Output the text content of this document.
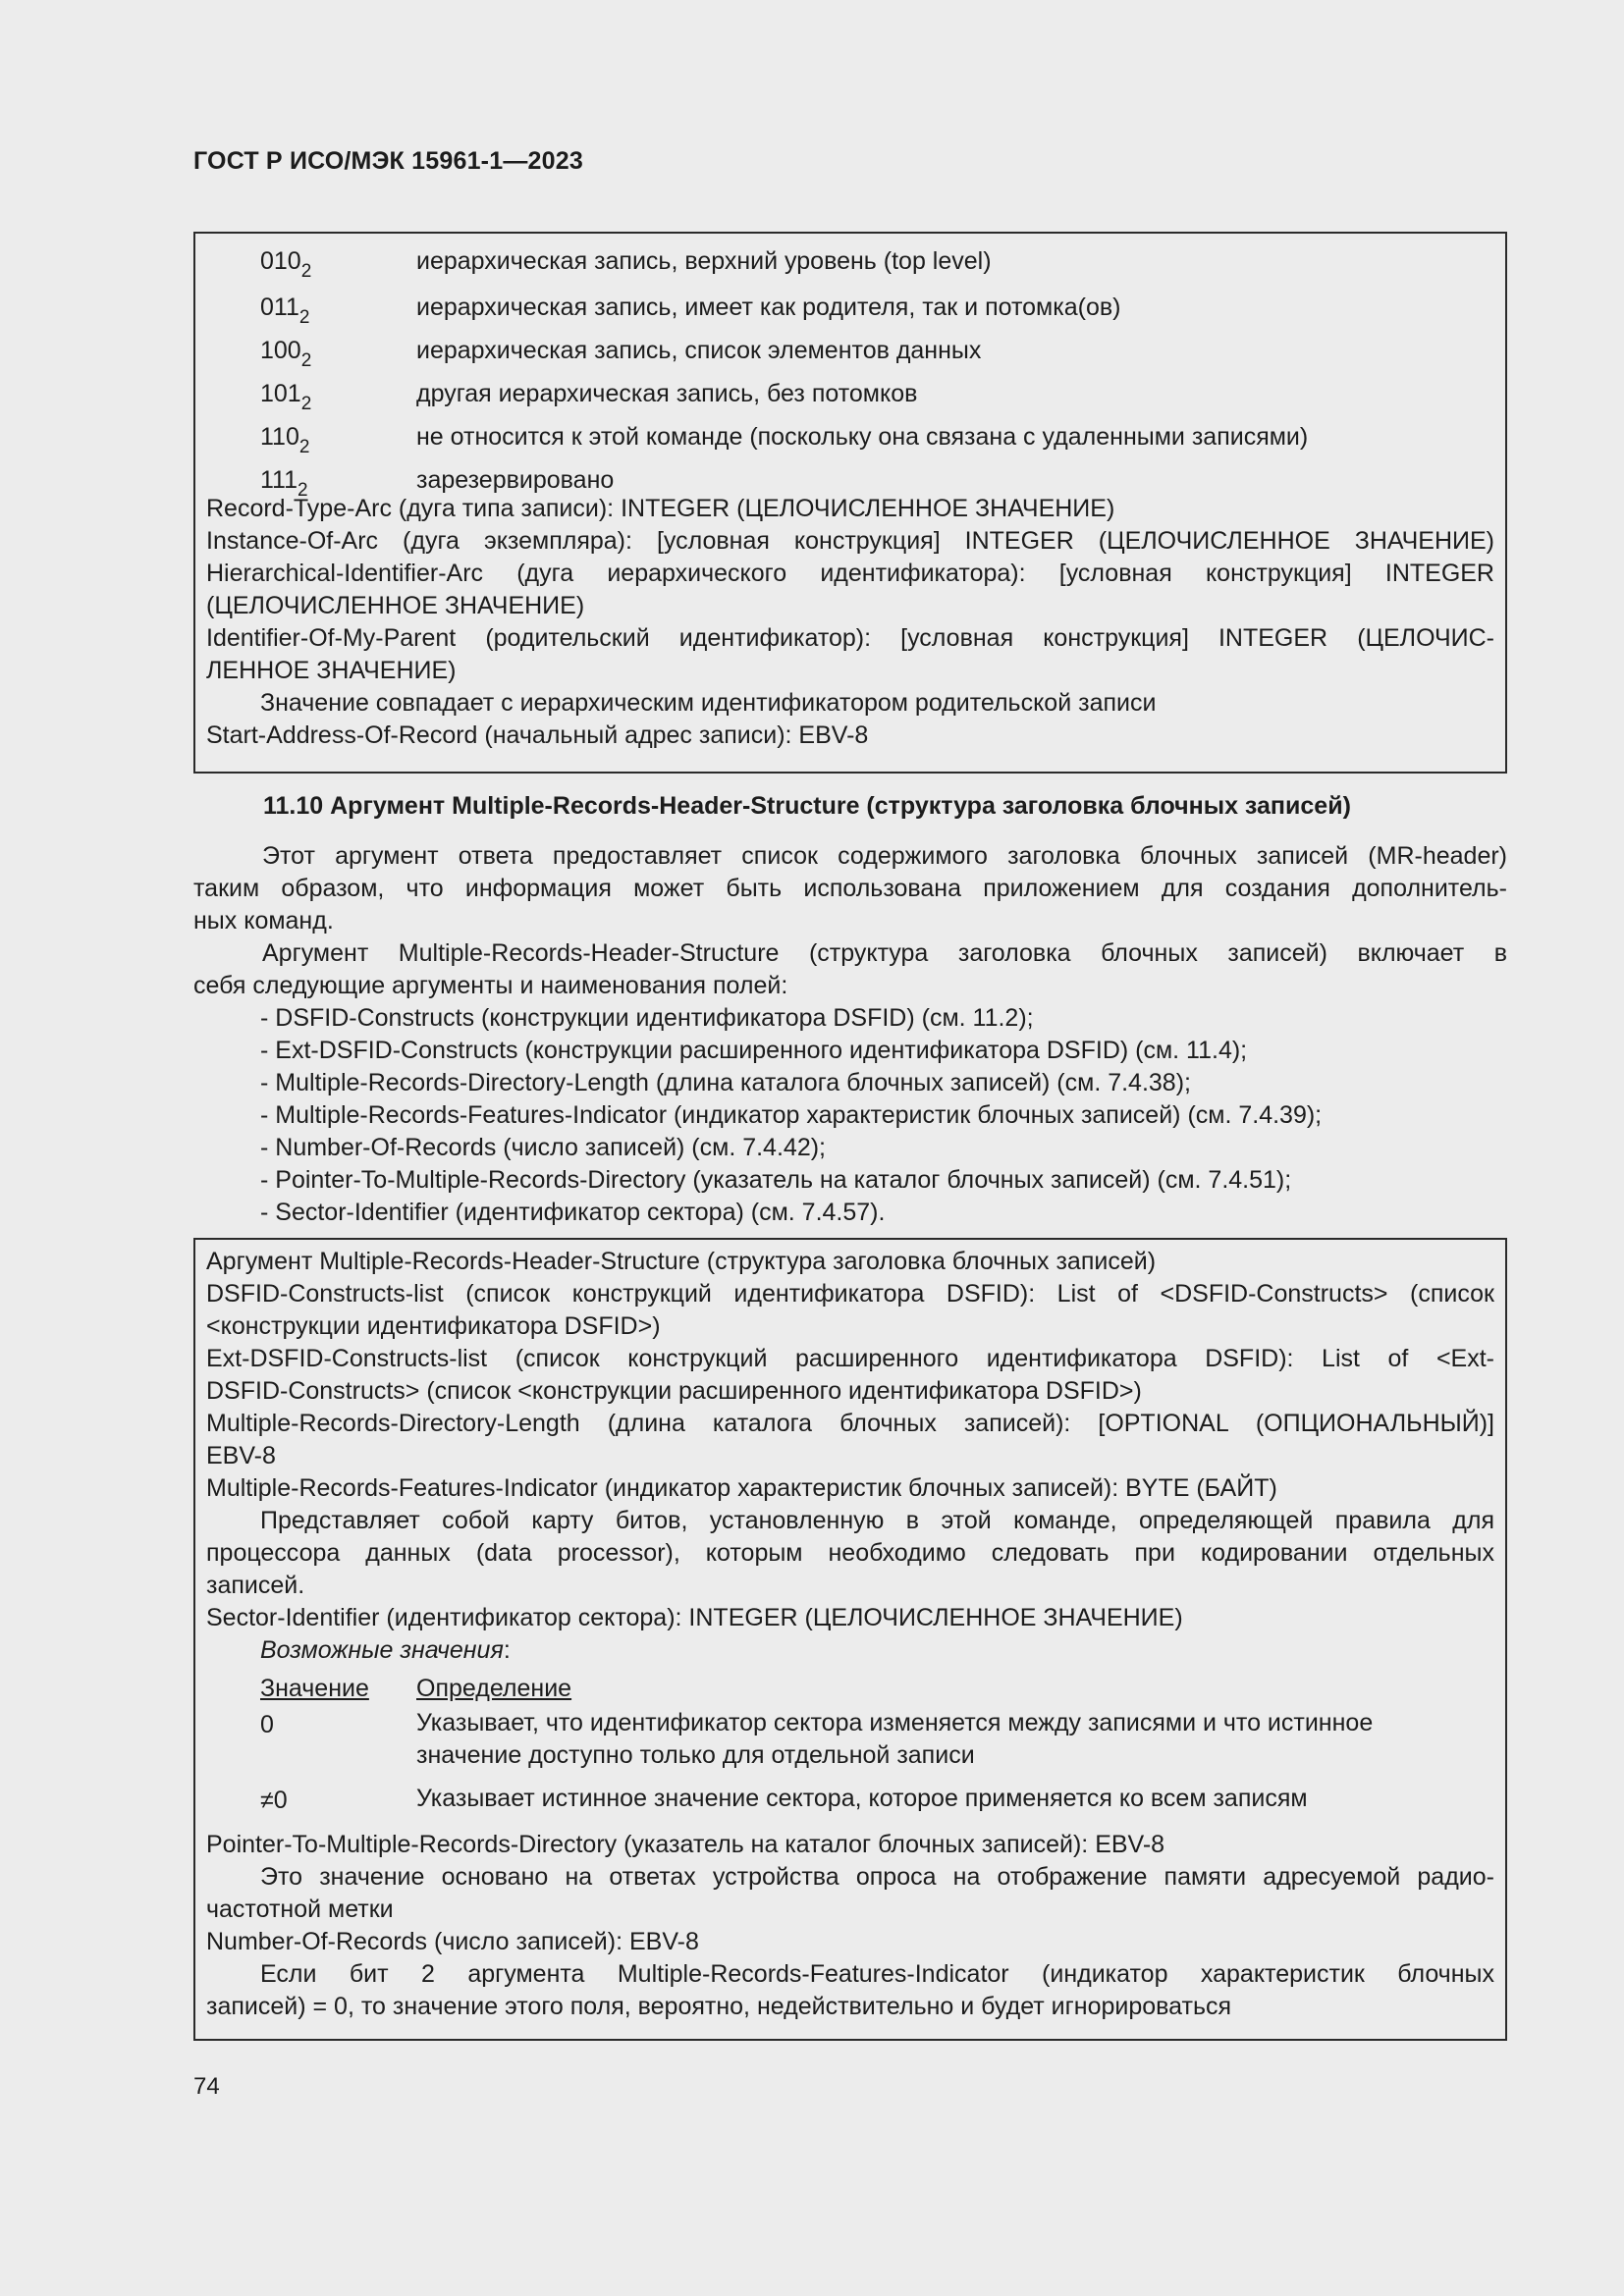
ГОСТ Р ИСО/МЭК 15961-1—2023
$010_2$	иерархическая запись, верхний уровень (top level)
$011_2$	иерархическая запись, имеет как родителя, так и потомка(ов)
$100_2$	иерархическая запись, список элементов данных
$101_2$	другая иерархическая запись, без потомков
$110_2$	не относится к этой команде (поскольку она связана с удаленными записями)
$111_2$	зарезервировано
Record-Type-Arc (дуга типа записи): INTEGER (ЦЕЛОЧИСЛЕННОЕ ЗНАЧЕНИЕ)
Instance-Of-Arc (дуга экземпляра): [условная конструкция] INTEGER (ЦЕЛОЧИСЛЕННОЕ ЗНАЧЕНИЕ)
Hierarchical-Identifier-Arc (дуга иерархического идентификатора): [условная конструкция] INTEGER
(ЦЕЛОЧИСЛЕННОЕ ЗНАЧЕНИЕ)
Identifier-Of-My-Parent (родительский идентификатор): [условная конструкция] INTEGER (ЦЕЛОЧИС-
ЛЕННОЕ ЗНАЧЕНИЕ)
Значение совпадает с иерархическим идентификатором родительской записи
Start-Address-Of-Record (начальный адрес записи): EBV-8
11.10 Аргумент Multiple-Records-Header-Structure (структура заголовка блочных записей)
Этот аргумент ответа предоставляет список содержимого заголовка блочных записей (MR-header)
таким образом, что информация может быть использована приложением для создания дополнитель-
ных команд.
Аргумент Multiple-Records-Header-Structure (структура заголовка блочных записей) включает в
себя следующие аргументы и наименования полей:
- DSFID-Constructs (конструкции идентификатора DSFID) (см. 11.2);
- Ext-DSFID-Constructs (конструкции расширенного идентификатора DSFID) (см. 11.4);
- Multiple-Records-Directory-Length (длина каталога блочных записей) (см. 7.4.38);
- Multiple-Records-Features-Indicator (индикатор характеристик блочных записей) (см. 7.4.39);
- Number-Of-Records (число записей) (см. 7.4.42);
- Pointer-To-Multiple-Records-Directory (указатель на каталог блочных записей) (см. 7.4.51);
- Sector-Identifier (идентификатор сектора) (см. 7.4.57).
Аргумент Multiple-Records-Header-Structure (структура заголовка блочных записей)
DSFID-Constructs-list (список конструкций идентификатора DSFID): List of <DSFID-Constructs> (список
<конструкции идентификатора DSFID>)
Ext-DSFID-Constructs-list (список конструкций расширенного идентификатора DSFID): List of <Ext-
DSFID-Constructs> (список <конструкции расширенного идентификатора DSFID>)
Multiple-Records-Directory-Length (длина каталога блочных записей): [OPTIONAL (ОПЦИОНАЛЬНЫЙ)]
EBV-8
Multiple-Records-Features-Indicator (индикатор характеристик блочных записей): BYTE (БАЙТ)
Представляет собой карту битов, установленную в этой команде, определяющей правила для
процессора данных (data processor), которым необходимо следовать при кодировании отдельных
записей.
Sector-Identifier (идентификатор сектора): INTEGER (ЦЕЛОЧИСЛЕННОЕ ЗНАЧЕНИЕ)
Возможные значения:
Значение Определение
0	Указывает, что идентификатор сектора изменяется между записями и что истинное
значение доступно только для отдельной записи
≠0	Указывает истинное значение сектора, которое применяется ко всем записям
Pointer-To-Multiple-Records-Directory (указатель на каталог блочных записей): EBV-8
Это значение основано на ответах устройства опроса на отображение памяти адресуемой радио-
частотной метки
Number-Of-Records (число записей): EBV-8
Если бит 2 аргумента Multiple-Records-Features-Indicator (индикатор характеристик блочных
записей) = 0, то значение этого поля, вероятно, недействительно и будет игнорироваться
74
